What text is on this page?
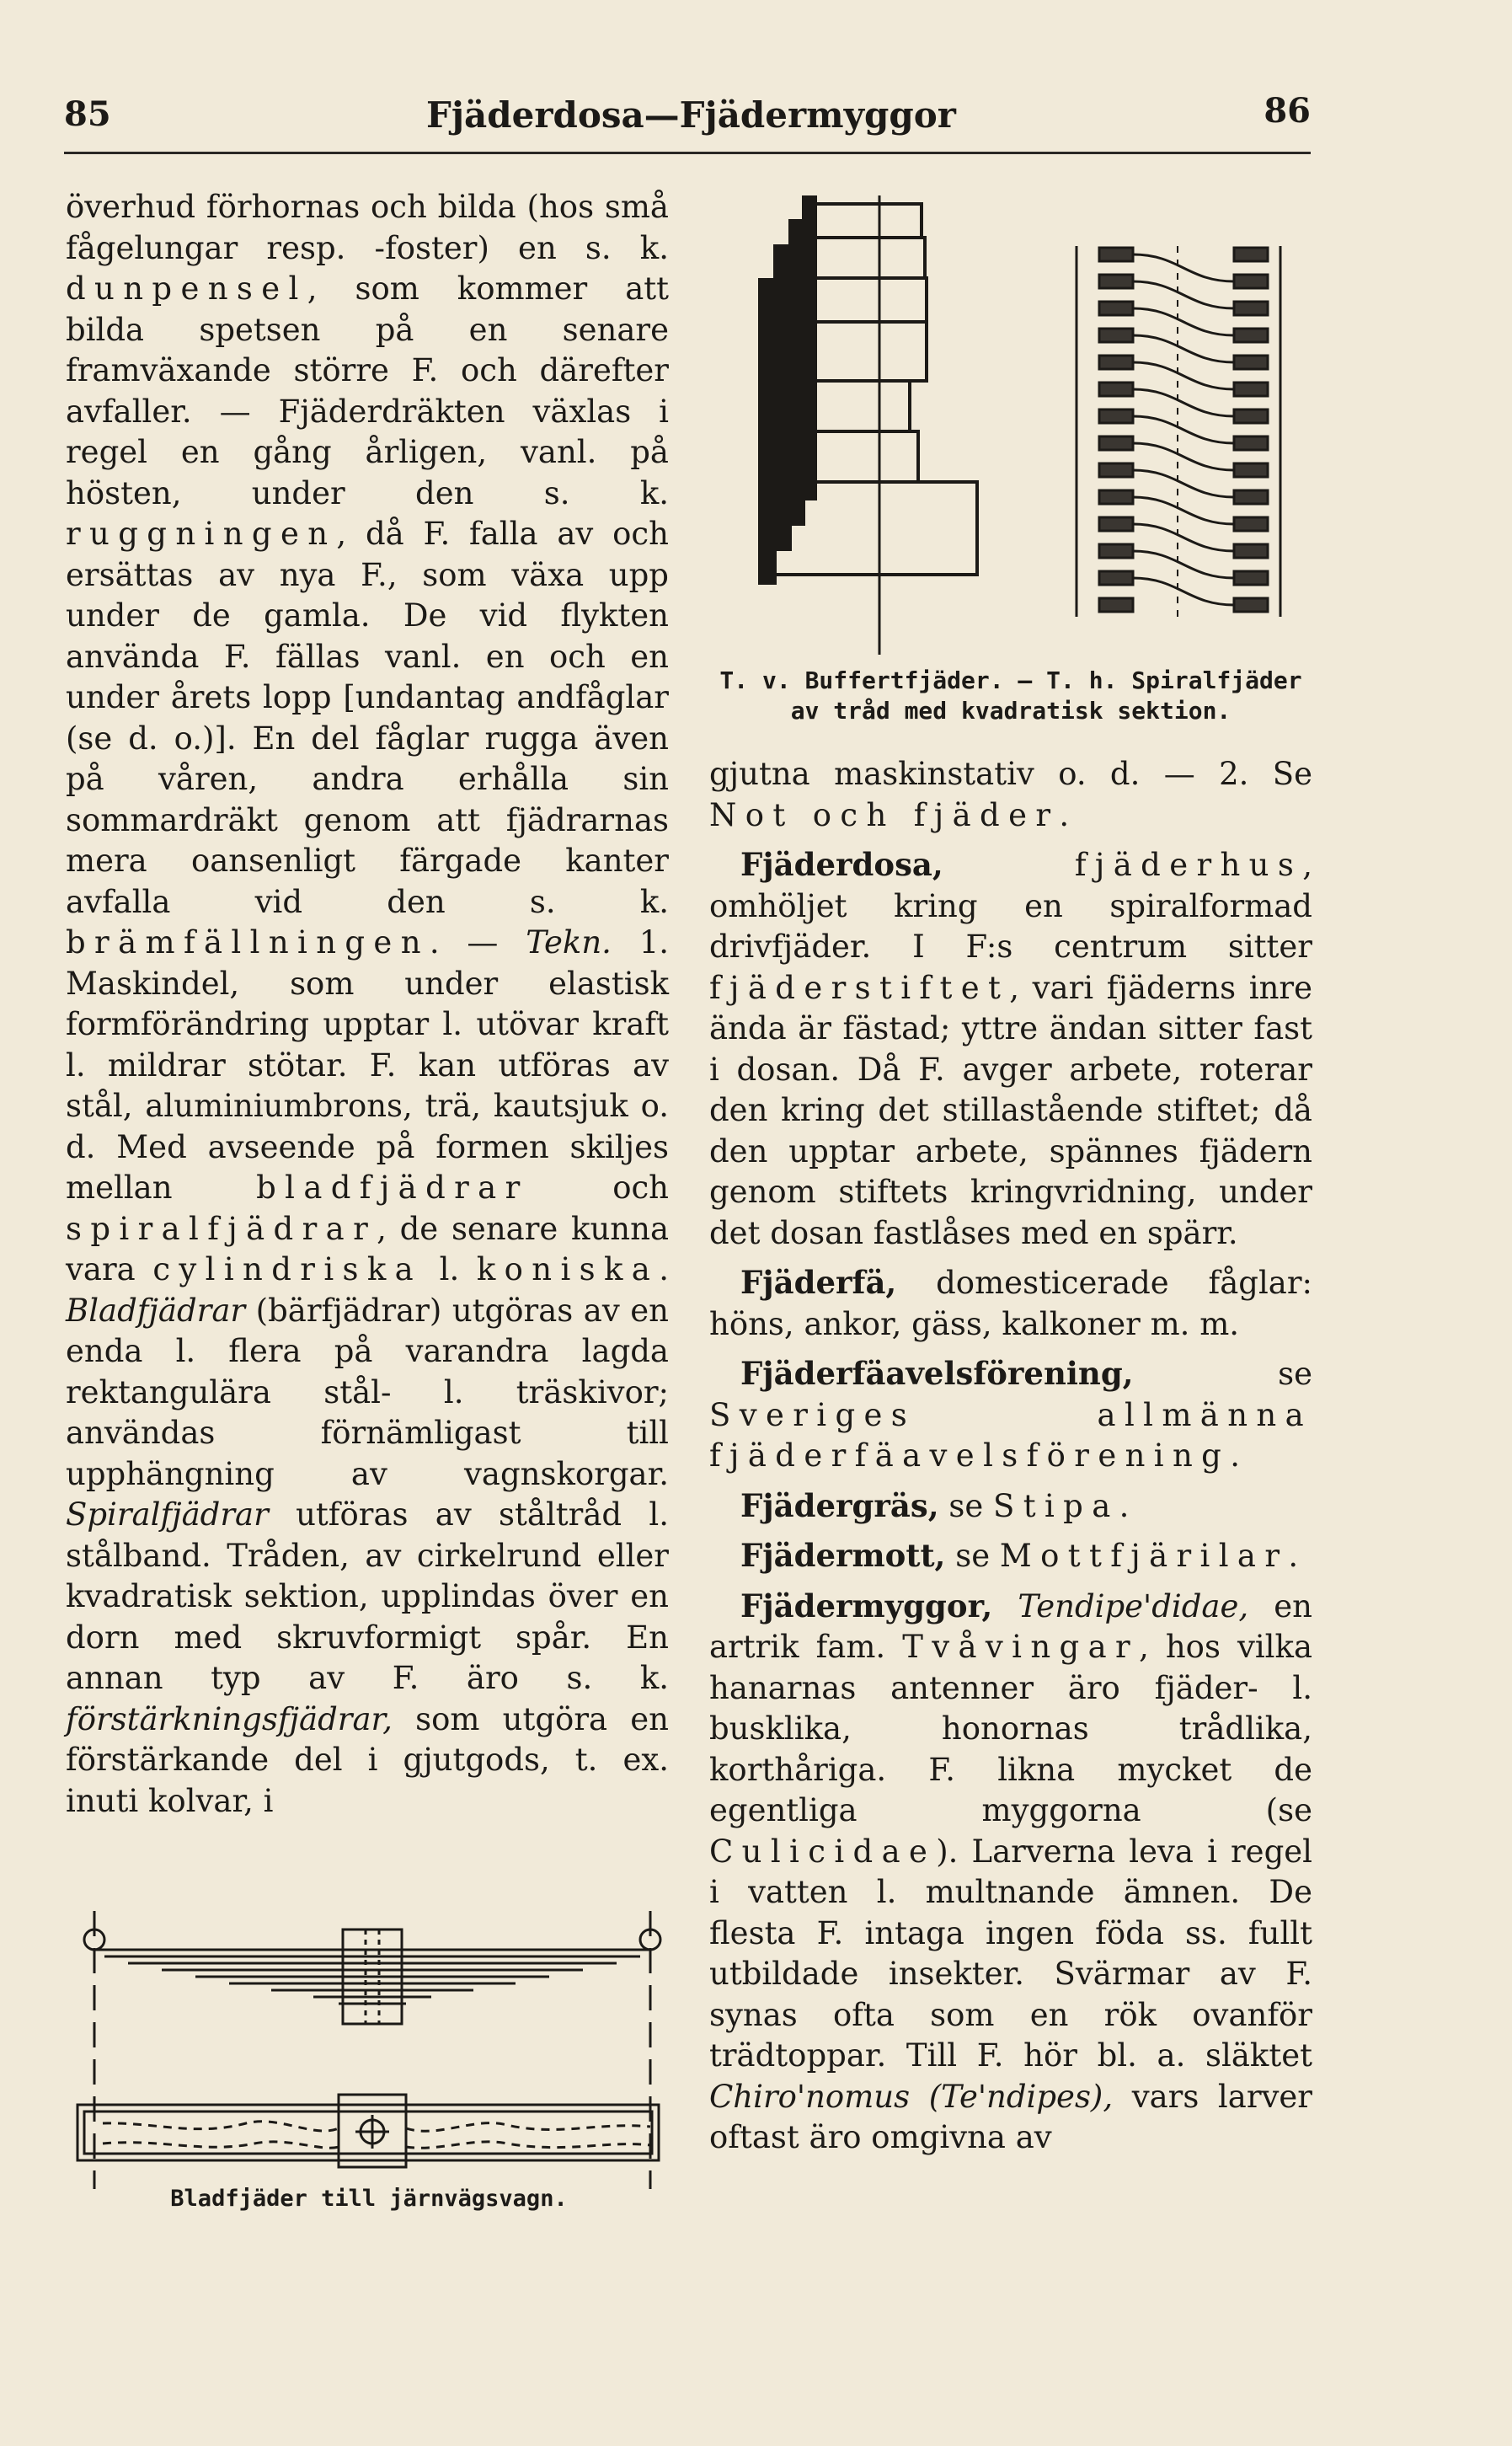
85	Fjäderdosa—Fjädermyggor	86

överhud förhornas och bilda (hos små fågelungar resp. -foster) en s. k. dunpensel, som kommer att bilda spetsen på en senare framväxande större F. och därefter avfaller. — Fjäderdräkten växlas i regel en gång årligen, vanl. på hösten, under den s. k. ruggningen, då F. falla av och ersättas av nya F., som växa upp under de gamla. De vid flykten använda F. fällas vanl. en och en under årets lopp [undantag andfåglar (se d. o.)]. En del fåglar rugga även på våren, andra erhålla sin sommardräkt genom att fjädrarnas mera oansenligt färgade kanter avfalla vid den s. k. brämfällningen. — Tekn. 1. Maskindel, som under elastisk formförändring upptar l. utövar kraft l. mildrar stötar. F. kan utföras av stål, aluminiumbrons, trä, kautsjuk o. d. Med avseende på formen skiljes mellan	bladfjädrar	och spiralfjädrar, de senare kunna vara cylindriska l. koniska. Bladfjädrar (bärfjädrar) utgöras av en enda l. flera på varandra lagda rektangulära stål- l. träskivor; användas förnämligast till upphängning av vagnskorgar. Spiralfjädrar utföras av ståltråd l. stålband. Tråden, av cirkelrund eller kvadratisk sektion, upplindas över en dorn med skruvformigt spår. En annan typ av F. äro s. k. förstärkningsfjädrar, som utgöra en förstärkande del i gjutgods, t. ex. inuti kolvar, i

T. v. Buffertfjäder. — T. h. Spiralfjäder av tråd med kvadratisk sektion.
Bladfjäder till järnvägsvagn.

gjutna maskinstativ o. d. — 2. Se Not och fjäder.

 Fjäderdosa,	fjäderhus, omhöljet kring en spiralformad drivfjäder. I F:s centrum sitter fjäderstiftet, vari fjäderns inre ända är fästad; yttre ändan sitter fast i dosan. Då F. avger arbete, roterar den kring det stillastående stiftet; då den upptar arbete, spännes fjädern genom stiftets kringvridning, under det dosan fastlåses med en spärr.

 Fjäderfä, domesticerade fåglar: höns, ankor, gäss, kalkoner m. m.

 Fjäderfäavelsförening,	se Sveriges allmänna fjäderfäavelsförening.

 Fjädergräs, se Stipa.

 Fjädermott, se Mottfjärilar.

 Fjädermyggor, Tendipe'didae, en artrik fam. Tvåvingar, hos vilka hanarnas antenner äro fjäder- l. busklika, honornas trådlika, korthåriga. F. likna mycket de egentliga myggorna (se Culicidae). Larverna leva i regel i vatten l. multnande ämnen. De flesta F. intaga ingen föda ss. fullt utbildade insekter. Svärmar av F. synas ofta som en rök ovanför trädtoppar. Till F. hör bl. a. släktet Chiro'nomus (Te'ndipes), vars larver oftast äro omgivna av
